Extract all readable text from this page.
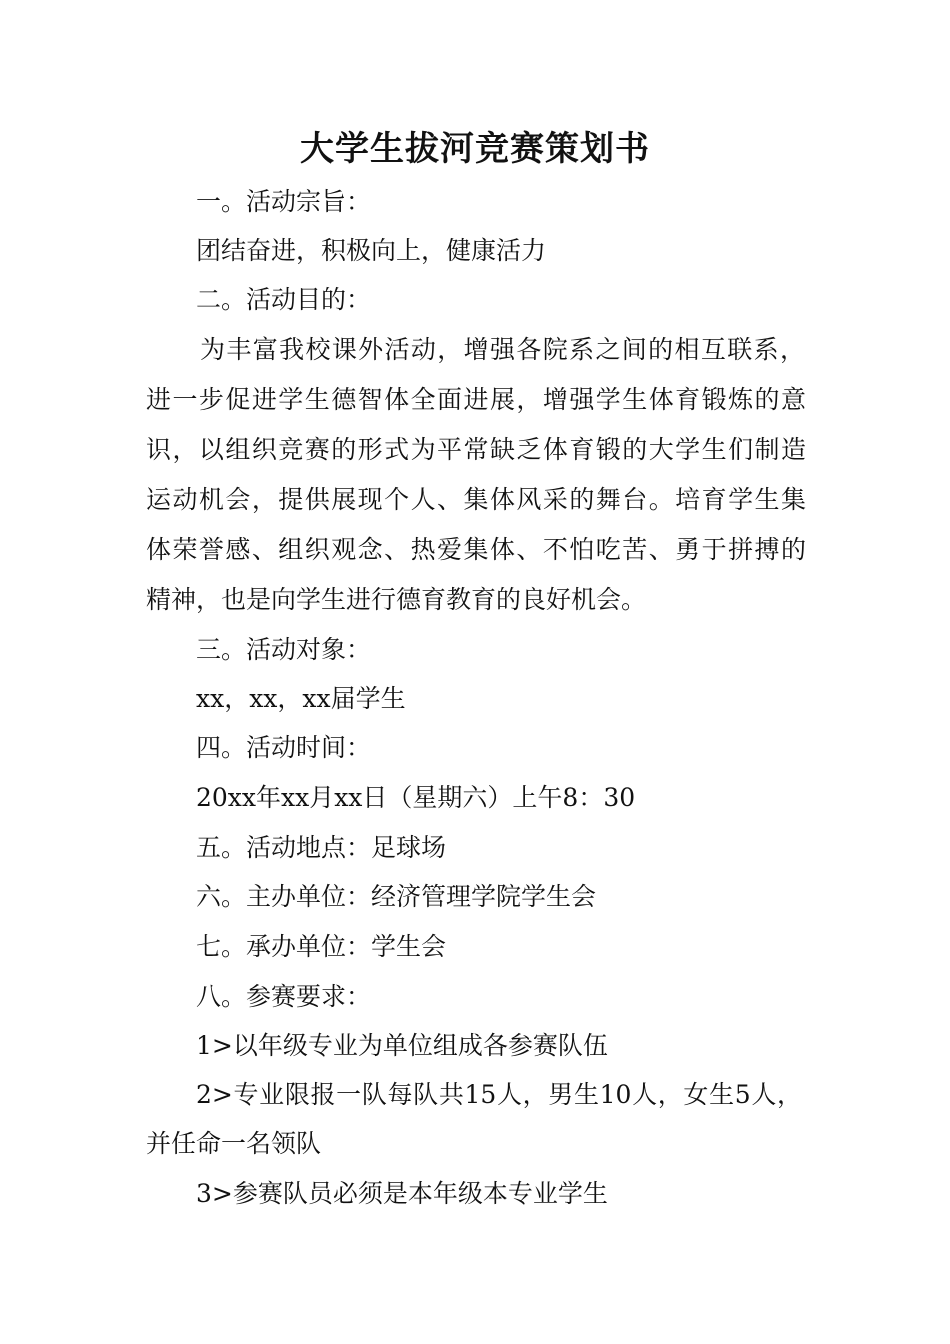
大学生拔河竞赛策划书
一。活动宗旨：
团结奋进，积极向上，健康活力
二。活动目的：
为丰富我校课外活动，增强各院系之间的相互联系，
进一步促进学生德智体全面进展，增强学生体育锻炼的意
识，以组织竞赛的形式为平常缺乏体育锻的大学生们制造
运动机会，提供展现个人、集体风采的舞台。培育学生集
体荣誉感、组织观念、热爱集体、不怕吃苦、勇于拼搏的
精神，也是向学生进行德育教育的良好机会。
三。活动对象：
xx，xx，xx届学生
四。活动时间：
20xx年xx月xx日（星期六）上午8：30
五。活动地点：足球场
六。主办单位：经济管理学院学生会
七。承办单位：学生会
八。参赛要求：
1>以年级专业为单位组成各参赛队伍
2>专业限报一队每队共15人，男生10人，女生5人，
并任命一名领队
3>参赛队员必须是本年级本专业学生
